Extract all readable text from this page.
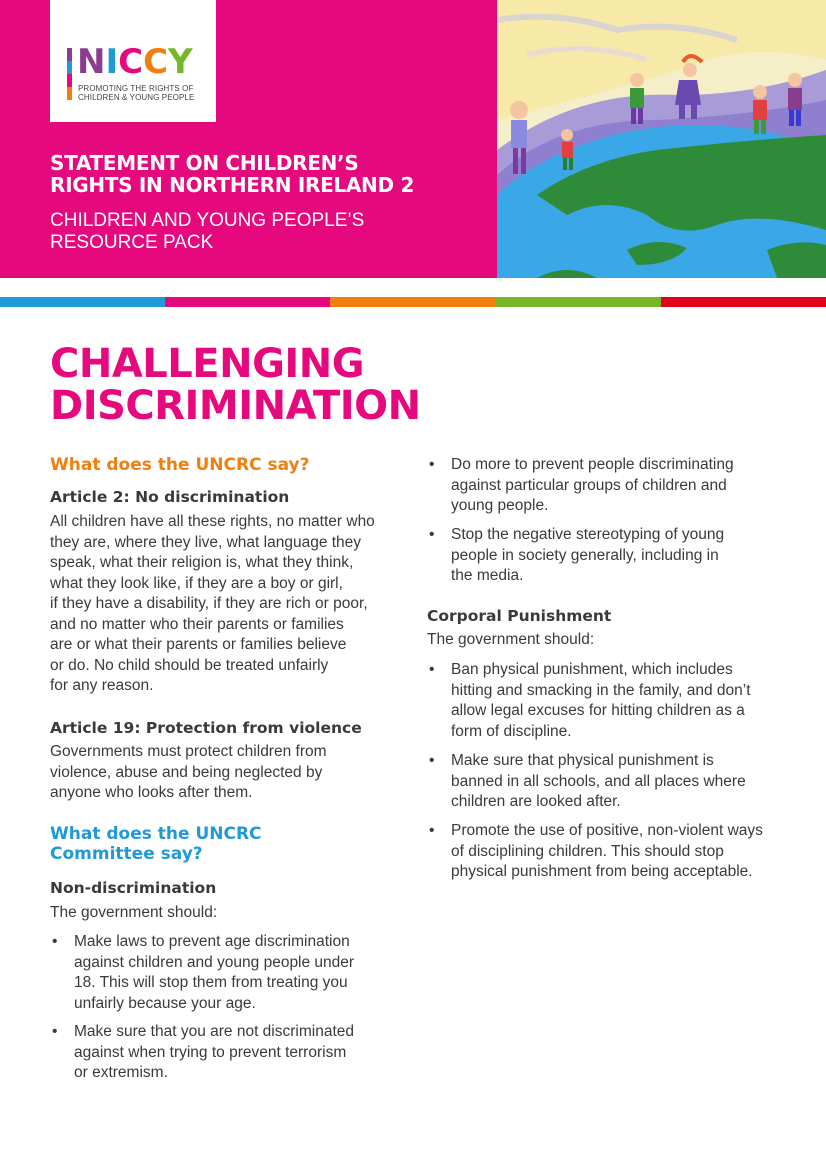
NICCY
PROMOTING THE RIGHTS OF
CHILDREN & YOUNG PEOPLE
STATEMENT ON CHILDREN’S
RIGHTS IN NORTHERN IRELAND 2
CHILDREN AND YOUNG PEOPLE’S
RESOURCE PACK
CHALLENGING
DISCRIMINATION
What does the UNCRC say?
Article 2: No discrimination
All children have all these rights, no matter who
they are, where they live, what language they
speak, what their religion is, what they think,
what they look like, if they are a boy or girl,
if they have a disability, if they are rich or poor,
and no matter who their parents or families
are or what their parents or families believe
or do. No child should be treated unfairly
for any reason.
Article 19: Protection from violence
Governments must protect children from
violence, abuse and being neglected by
anyone who looks after them.
What does the UNCRC
Committee say?
Non-discrimination
The government should:
• Make laws to prevent age discrimination
against children and young people under
18. This will stop them from treating you
unfairly because your age.
• Make sure that you are not discriminated
against when trying to prevent terrorism
or extremism.
• Do more to prevent people discriminating
against particular groups of children and
young people.
• Stop the negative stereotyping of young
people in society generally, including in
the media.
Corporal Punishment
The government should:
• Ban physical punishment, which includes
hitting and smacking in the family, and don’t
allow legal excuses for hitting children as a
form of discipline.
• Make sure that physical punishment is
banned in all schools, and all places where
children are looked after.
• Promote the use of positive, non-violent ways
of disciplining children. This should stop
physical punishment from being acceptable.
